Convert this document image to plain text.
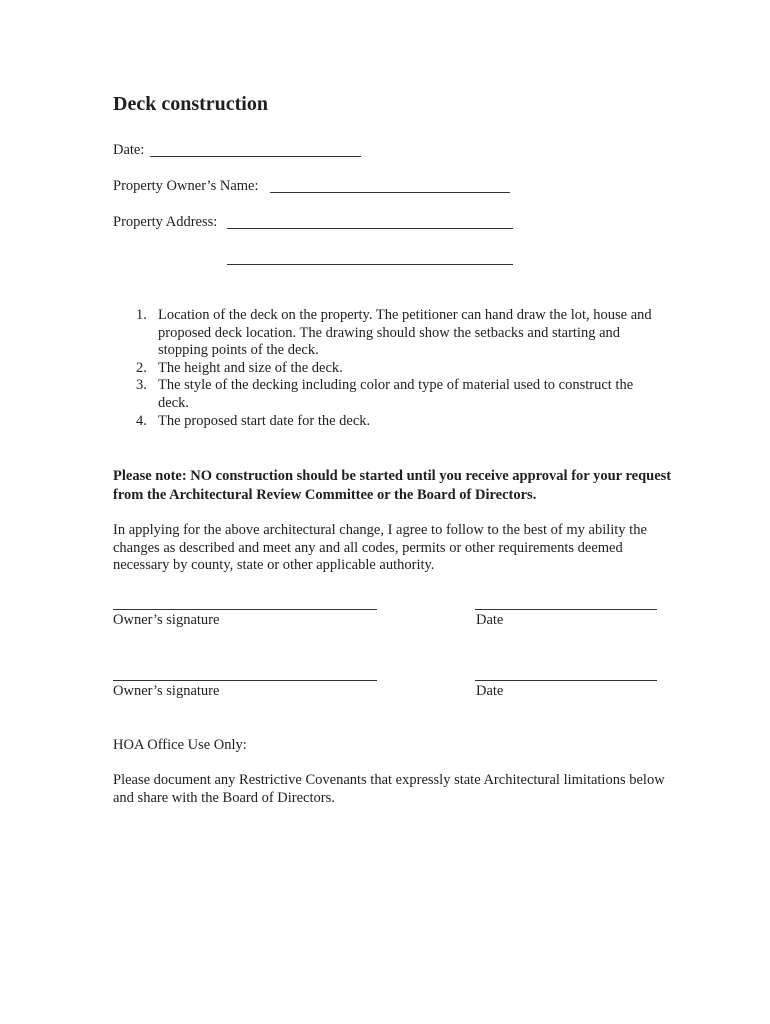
Deck construction
Date:
Property Owner’s Name:
Property Address:
1. Location of the deck on the property. The petitioner can hand draw the lot, house and proposed deck location. The drawing should show the setbacks and starting and stopping points of the deck.
2. The height and size of the deck.
3. The style of the decking including color and type of material used to construct the deck.
4. The proposed start date for the deck.
Please note: NO construction should be started until you receive approval for your request from the Architectural Review Committee or the Board of Directors.
In applying for the above architectural change, I agree to follow to the best of my ability the changes as described and meet any and all codes, permits or other requirements deemed necessary by county, state or other applicable authority.
Owner’s signature	Date
Owner’s signature	Date
HOA Office Use Only:
Please document any Restrictive Covenants that expressly state Architectural limitations below and share with the Board of Directors.
